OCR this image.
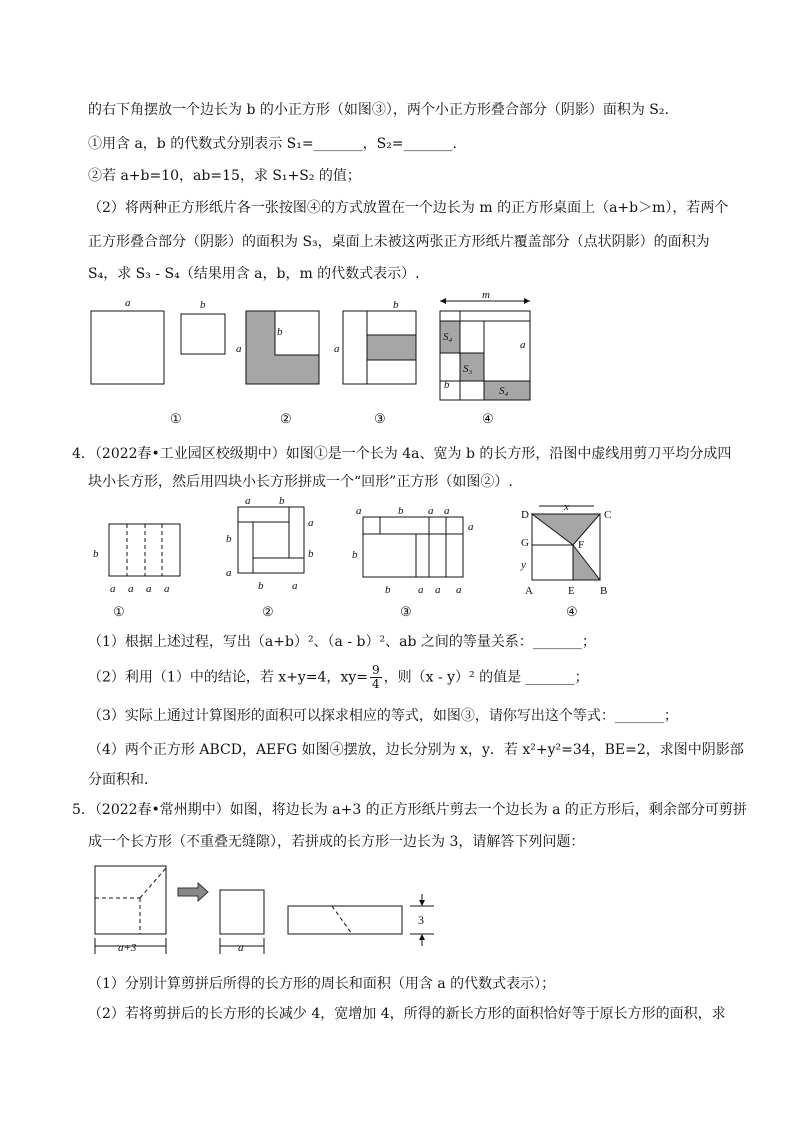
的右下角摆放一个边长为 b 的小正方形（如图③），两个小正方形叠合部分（阴影）面积为 S₂.
①用含 a，b 的代数式分别表示 S₁=_______，S₂=_______.
②若 a+b=10，ab=15，求 S₁+S₂ 的值；
（2）将两种正方形纸片各一张按图④的方式放置在一个边长为 m 的正方形桌面上（a+b＞m），若两个
正方形叠合部分（阴影）的面积为 S₃，桌面上未被这两张正方形纸片覆盖部分（点状阴影）的面积为
S₄，求 S₃ - S₄（结果用含 a，b，m 的代数式表示）.
a	b
a
b
a
b
m
S₄
S₃
S₄
a
b
①	②	③	④
4．（2022春•工业园区校级期中）如图①是一个长为 4a、宽为 b 的长方形，沿图中虚线用剪刀平均分成四
块小长方形，然后用四块小长方形拼成一个“回形”正方形（如图②）.
b
a a a a
a	b
a
b
b
a
b	a
a	b a a
a
b
b	a a a
x
D	C
G	F
y
A	E B
①	②	③	④
（1）根据上述过程，写出（a+b）²、（a - b）²、ab 之间的等量关系：_______；
（2）利用（1）中的结论，若 x+y=4，$xy= \frac{9}{4}$ ，则（x - y）² 的值是 _______；
（3）实际上通过计算图形的面积可以探求相应的等式，如图③，请你写出这个等式：_______；
（4）两个正方形 ABCD，AEFG 如图④摆放，边长分别为 x，y．若 x²+y²=34，BE=2，求图中阴影部
分面积和．
5．（2022春•常州期中）如图，将边长为 a+3 的正方形纸片剪去一个边长为 a 的正方形后，剩余部分可剪拼
成一个长方形（不重叠无缝隙），若拼成的长方形一边长为 3，请解答下列问题：
a+3	a
3
（1）分别计算剪拼后所得的长方形的周长和面积（用含 a 的代数式表示）；
（2）若将剪拼后的长方形的长减少 4，宽增加 4，所得的新长方形的面积恰好等于原长方形的面积，求
